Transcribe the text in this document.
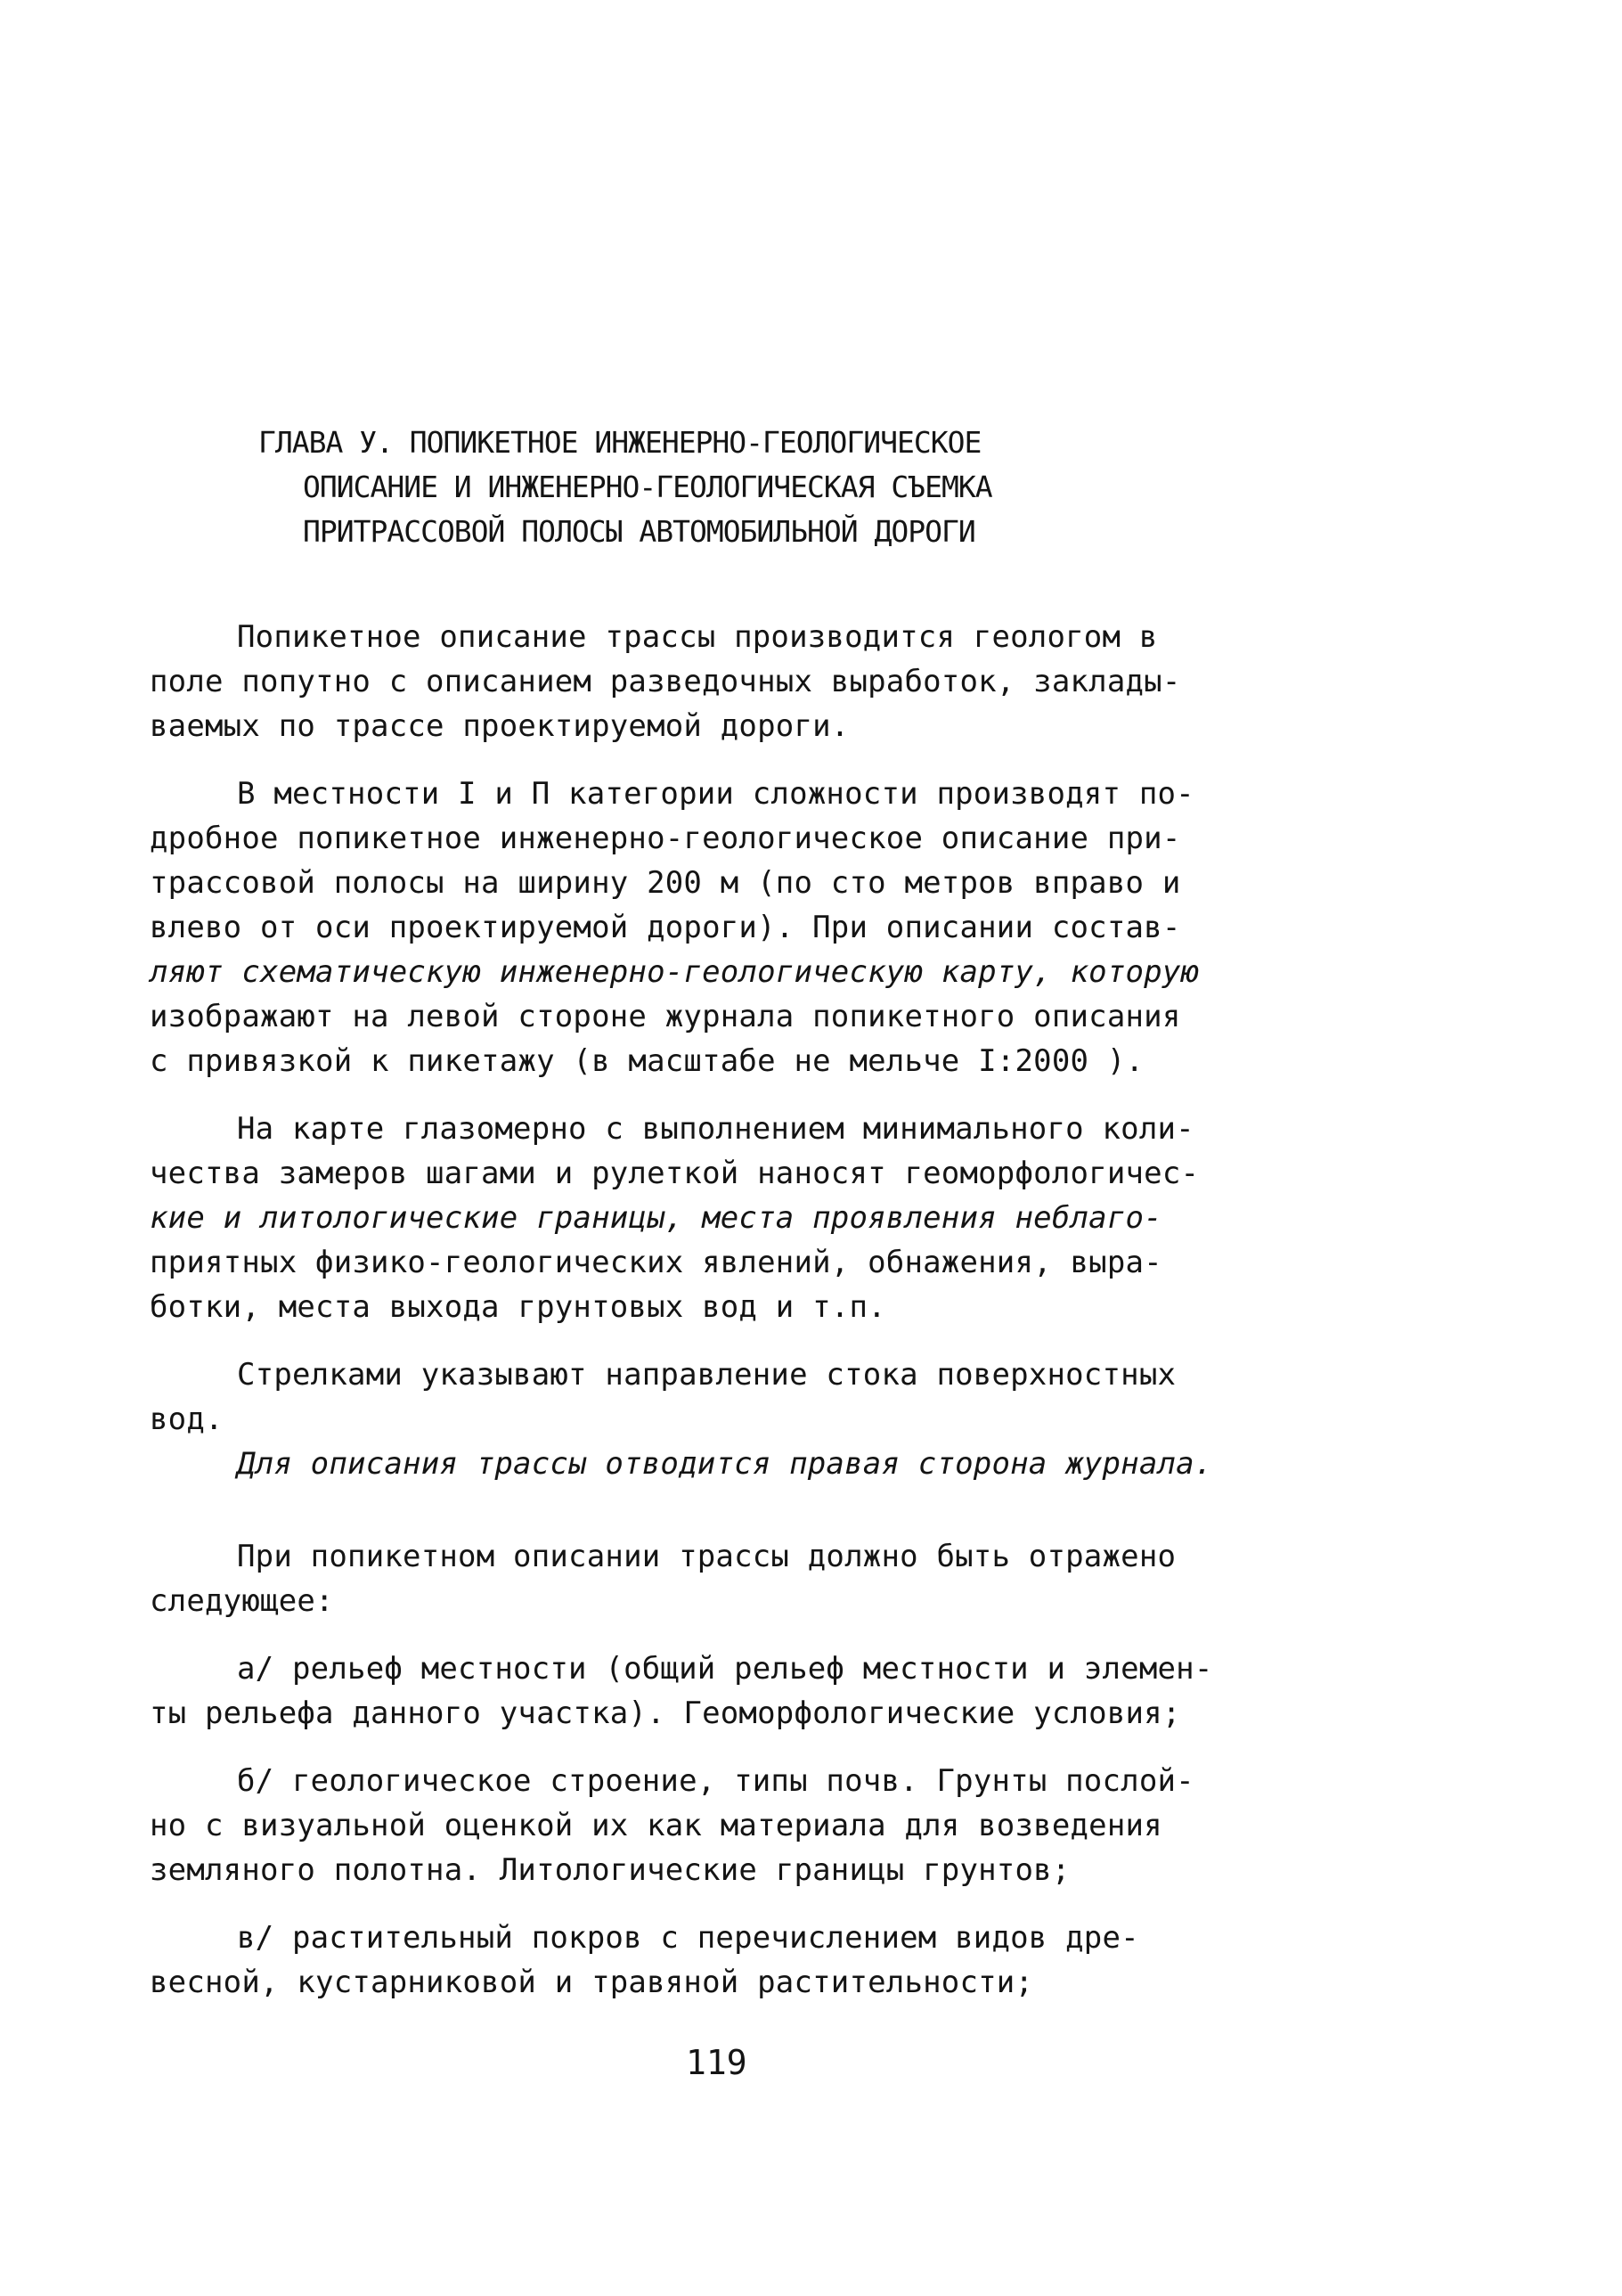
ГЛАВА У. ПОПИКЕТНОЕ ИНЖЕНЕРНО-ГЕОЛОГИЧЕСКОЕ
ОПИСАНИЕ И ИНЖЕНЕРНО-ГЕОЛОГИЧЕСКАЯ СЪЕМКА
ПРИТРАССОВОЙ ПОЛОСЫ АВТОМОБИЛЬНОЙ ДОРОГИ
Попикетное описание трассы производится геологом в
поле попутно с описанием разведочных выработок, заклады-
ваемых по трассе проектируемой дороги.
В местности I и П категории сложности производят по-
дробное попикетное инженерно-геологическое описание при-
трассовой полосы на ширину 200 м (по сто метров вправо и
влево от оси проектируемой дороги). При описании состав-
ляют схематическую инженерно-геологическую карту, которую
изображают на левой стороне журнала попикетного описания
с привязкой к пикетажу (в масштабе не мельче I:2000 ).
На карте глазомерно с выполнением минимального коли-
чества замеров шагами и рулеткой наносят геоморфологичес-
кие и литологические границы, места проявления неблаго-
приятных физико-геологических явлений, обнажения, выра-
ботки, места выхода грунтовых вод и т.п.
Стрелками указывают направление стока поверхностных
вод.
Для описания трассы отводится правая сторона журнала.
При попикетном описании трассы должно быть отражено
следующее:
а/ рельеф местности (общий рельеф местности и элемен-
ты рельефа данного участка). Геоморфологические условия;
б/ геологическое строение, типы почв. Грунты послой-
но с визуальной оценкой их как материала для возведения
земляного полотна. Литологические границы грунтов;
в/ растительный покров с перечислением видов дре-
весной, кустарниковой и травяной растительности;
119
